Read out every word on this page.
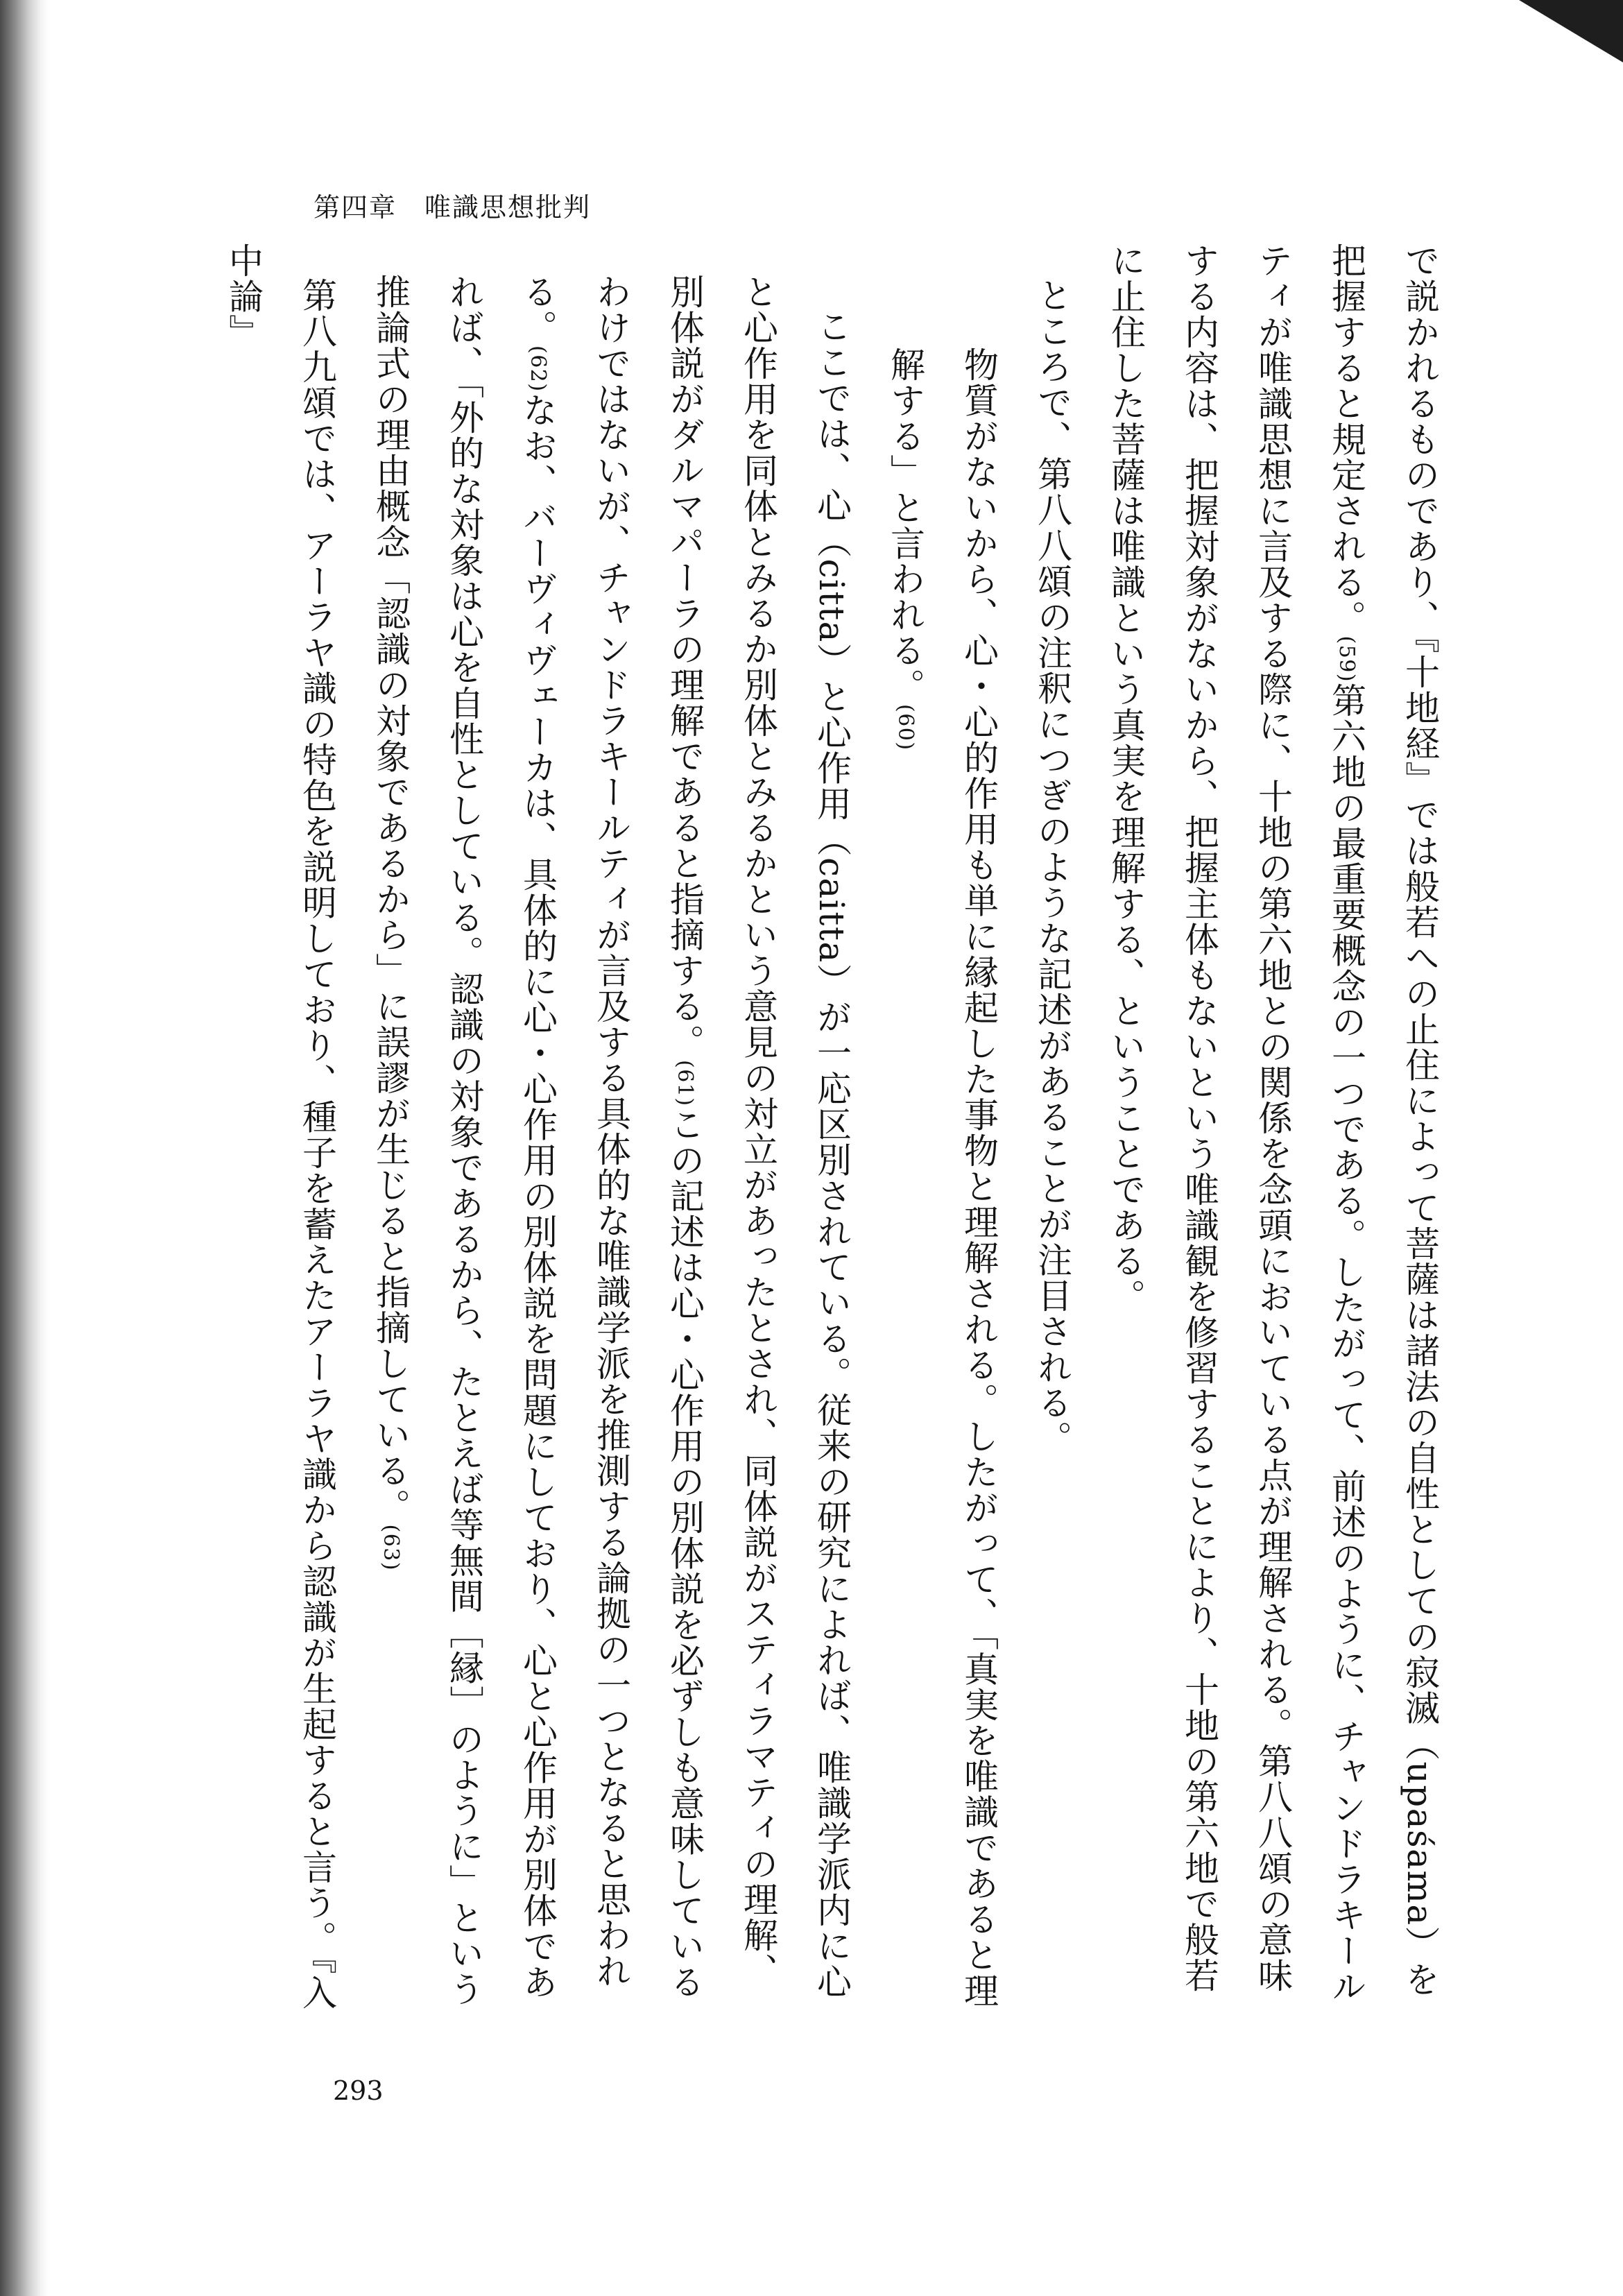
第四章 唯識思想批判

で説かれるものであり、『十地経』では般若への止住によって菩薩は諸法の自性としての寂滅（upaśama）を把握すると規定される。(59)第六地の最重要概念の一つである。したがって、前述のように、チャンドラキールティが唯識思想に言及する際に、十地の第六地との関係を念頭においている点が理解される。第八八頌の意味する内容は、把握対象がないから、把握主体もないという唯識観を修習することにより、十地の第六地で般若に止住した菩薩は唯識という真実を理解する、ということである。

ところで、第八八頌の注釈につぎのような記述があることが注目される。

物質がないから、心・心的作用も単に縁起した事物と理解される。したがって、「真実を唯識であると理解する」と言われる。(60)

ここでは、心（citta）と心作用（caitta）が一応区別されている。従来の研究によれば、唯識学派内に心と心作用を同体とみるか別体とみるかという意見の対立があったとされ、同体説がスティラマティの理解、別体説がダルマパーラの理解であると指摘する。(61)この記述は心・心作用の別体説を必ずしも意味しているわけではないが、チャンドラキールティが言及する具体的な唯識学派を推測する論拠の一つとなると思われる。(62)なお、バーヴィヴェーカは、具体的に心・心作用の別体説を問題にしており、心と心作用が別体であれば、「外的な対象は心を自性としている。認識の対象であるから、たとえば等無間［縁］のように」という推論式の理由概念「認識の対象であるから」に誤謬が生じると指摘している。(63)

第八九頌では、アーラヤ識の特色を説明しており、種子を蓄えたアーラヤ識から認識が生起すると言う。『入中論』

293
